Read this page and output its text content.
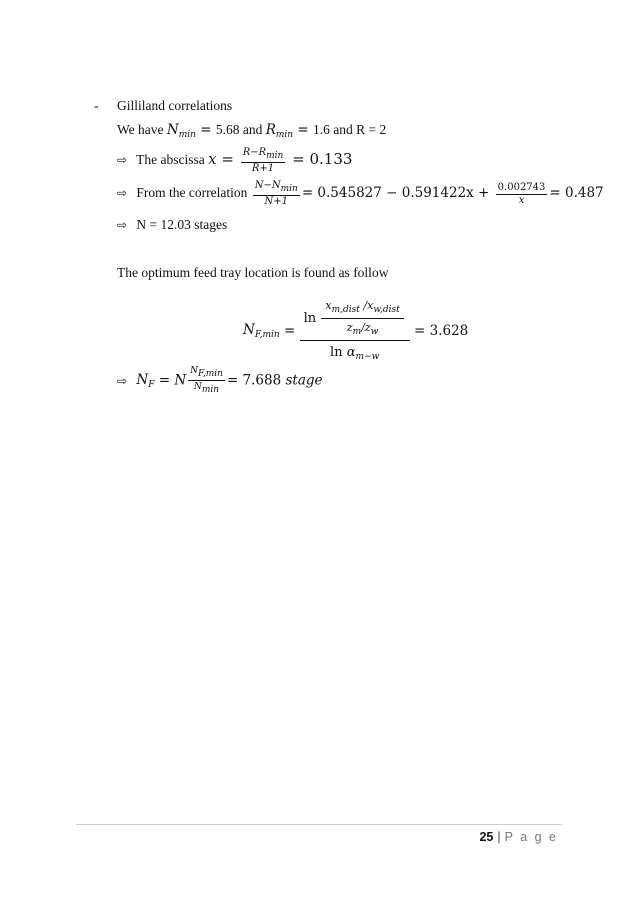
- Gilliland correlations
We have $N_{min} = 5.68$ and $R_{min} = 1.6$ and R = 2
⇨ The abscissa $x = \frac{R-R_{min}}{R+1} = 0.133$
⇨ From the correlation $\frac{N-N_{min}}{N+1} = 0.545827 - 0.591422x + \frac{0.002743}{x} = 0.487$
⇨ N = 12.03 stages
The optimum feed tray location is found as follow
$N_{F,min} = \frac{\ln \frac{x_{m,dist} /x_{w,dist}}{z_m/z_w}}{\ln \alpha_{m-w}} = 3.628$
⇨ $N_F = N \frac{N_{F,min}}{N_{min}} = 7.688$ stage
25 | P a g e
